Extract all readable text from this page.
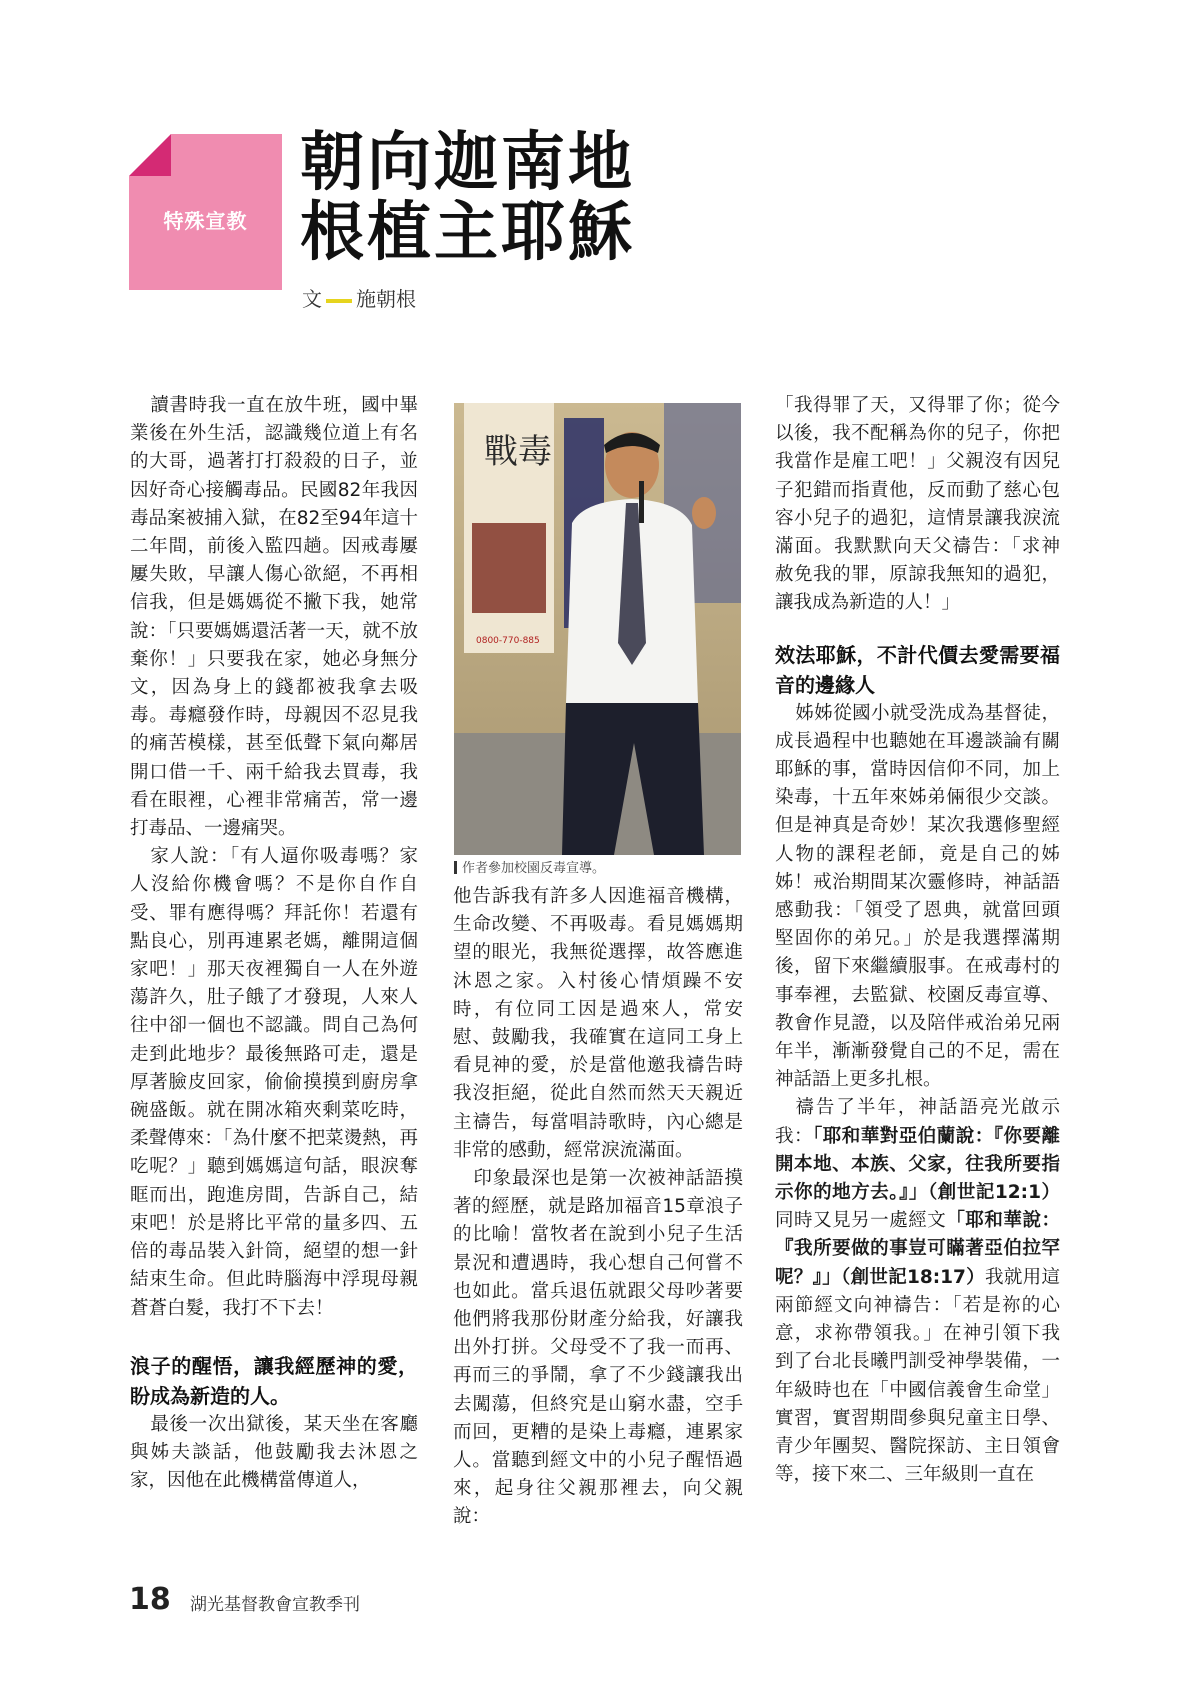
特殊宣教
朝向迦南地
根植主耶穌
文 施朝根

讀書時我一直在放牛班，國中畢業後在外生活，認識幾位道上有名的大哥，過著打打殺殺的日子，並因好奇心接觸毒品。民國82年我因毒品案被捕入獄，在82至94年這十二年間，前後入監四趟。因戒毒屢屢失敗，早讓人傷心欲絕，不再相信我，但是媽媽從不撇下我，她常說：「只要媽媽還活著一天，就不放棄你！」只要我在家，她必身無分文，因為身上的錢都被我拿去吸毒。毒癮發作時，母親因不忍見我的痛苦模樣，甚至低聲下氣向鄰居開口借一千、兩千給我去買毒，我看在眼裡，心裡非常痛苦，常一邊打毒品、一邊痛哭。

家人說：「有人逼你吸毒嗎？家人沒給你機會嗎？不是你自作自受、罪有應得嗎？拜託你！若還有點良心，別再連累老媽，離開這個家吧！」那天夜裡獨自一人在外遊蕩許久，肚子餓了才發現，人來人往中卻一個也不認識。問自己為何走到此地步？最後無路可走，還是厚著臉皮回家，偷偷摸摸到廚房拿碗盛飯。就在開冰箱夾剩菜吃時，柔聲傳來：「為什麼不把菜燙熱，再吃呢？」聽到媽媽這句話，眼淚奪眶而出，跑進房間，告訴自己，結束吧！於是將比平常的量多四、五倍的毒品裝入針筒，絕望的想一針結束生命。但此時腦海中浮現母親蒼蒼白髮，我打不下去！

浪子的醒悟，讓我經歷神的愛，盼成為新造的人。

最後一次出獄後，某天坐在客廳與姊夫談話，他鼓勵我去沐恩之家，因他在此機構當傳道人，

戰毒
0800-770-885
作者參加校園反毒宣導。

他告訴我有許多人因進福音機構，生命改變、不再吸毒。看見媽媽期望的眼光，我無從選擇，故答應進沐恩之家。入村後心情煩躁不安時，有位同工因是過來人，常安慰、鼓勵我，我確實在這同工身上看見神的愛，於是當他邀我禱告時我沒拒絕，從此自然而然天天親近主禱告，每當唱詩歌時，內心總是非常的感動，經常淚流滿面。

印象最深也是第一次被神話語摸著的經歷，就是路加福音15章浪子的比喻！當牧者在說到小兒子生活景況和遭遇時，我心想自己何嘗不也如此。當兵退伍就跟父母吵著要他們將我那份財產分給我，好讓我出外打拼。父母受不了我一而再、再而三的爭鬧，拿了不少錢讓我出去闖蕩，但終究是山窮水盡，空手而回，更糟的是染上毒癮，連累家人。當聽到經文中的小兒子醒悟過來，起身往父親那裡去，向父親說：

「我得罪了天，又得罪了你；從今以後，我不配稱為你的兒子，你把我當作是雇工吧！」父親沒有因兒子犯錯而指責他，反而動了慈心包容小兒子的過犯，這情景讓我淚流滿面。我默默向天父禱告：「求神赦免我的罪，原諒我無知的過犯，讓我成為新造的人！」

效法耶穌，不計代價去愛需要福音的邊緣人

姊姊從國小就受洗成為基督徒，成長過程中也聽她在耳邊談論有關耶穌的事，當時因信仰不同，加上染毒，十五年來姊弟倆很少交談。但是神真是奇妙！某次我選修聖經人物的課程老師，竟是自己的姊姊！戒治期間某次靈修時，神話語感動我：「領受了恩典，就當回頭堅固你的弟兄。」於是我選擇滿期後，留下來繼續服事。在戒毒村的事奉裡，去監獄、校園反毒宣導、教會作見證，以及陪伴戒治弟兄兩年半，漸漸發覺自己的不足，需在神話語上更多扎根。

禱告了半年，神話語亮光啟示我：「耶和華對亞伯蘭說：『你要離開本地、本族、父家，往我所要指示你的地方去。』」（創世記12:1）同時又見另一處經文「耶和華說：『我所要做的事豈可瞞著亞伯拉罕呢？』」（創世記18:17）我就用這兩節經文向神禱告：「若是祢的心意，求祢帶領我。」在神引領下我到了台北長曦門訓受神學裝備，一年級時也在「中國信義會生命堂」實習，實習期間參與兒童主日學、青少年團契、醫院探訪、主日領會等，接下來二、三年級則一直在

18 湖光基督教會宣教季刊
